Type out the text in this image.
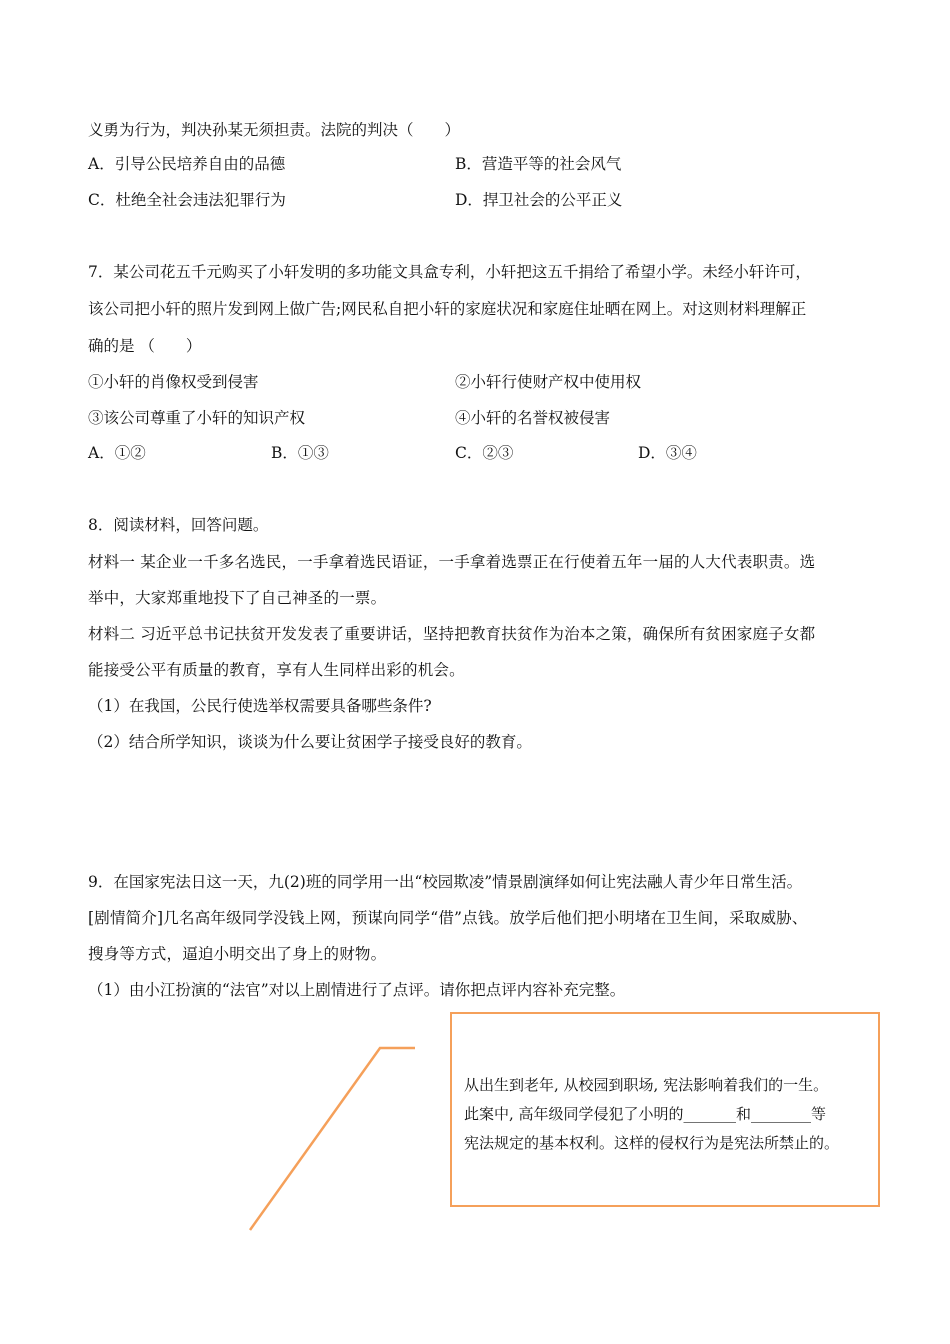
义勇为行为，判决孙某无须担责。法院的判决（　　）
A．引导公民培养自由的品德	B．营造平等的社会风气
C．杜绝全社会违法犯罪行为	D．捍卫社会的公平正义
7．某公司花五千元购买了小轩发明的多功能文具盒专利，小轩把这五千捐给了希望小学。未经小轩许可，
该公司把小轩的照片发到网上做广告;网民私自把小轩的家庭状况和家庭住址晒在网上。对这则材料理解正
确的是 （　　）
①小轩的肖像权受到侵害	②小轩行使财产权中使用权
③该公司尊重了小轩的知识产权	④小轩的名誉权被侵害
A．①②	B．①③	C．②③	D．③④
8．阅读材料，回答问题。
材料一 某企业一千多名选民，一手拿着选民语证，一手拿着选票正在行使着五年一届的人大代表职责。选
举中，大家郑重地投下了自己神圣的一票。
材料二 习近平总书记扶贫开发发表了重要讲话，坚持把教育扶贫作为治本之策，确保所有贫困家庭子女都
能接受公平有质量的教育，享有人生同样出彩的机会。
（1）在我国，公民行使选举权需要具备哪些条件?
（2）结合所学知识，谈谈为什么要让贫困学子接受良好的教育。
9．在国家宪法日这一天，九(2)班的同学用一出“校园欺凌”情景剧演绎如何让宪法融人青少年日常生活。
[剧情简介]几名高年级同学没钱上网，预谋向同学“借”点钱。放学后他们把小明堵在卫生间，采取威胁、
搜身等方式，逼迫小明交出了身上的财物。
（1）由小江扮演的“法官”对以上剧情进行了点评。请你把点评内容补充完整。
从出生到老年, 从校园到职场, 宪法影响着我们的一生。
此案中, 高年级同学侵犯了小明的_______和________等
宪法规定的基本权利。这样的侵权行为是宪法所禁止的。
